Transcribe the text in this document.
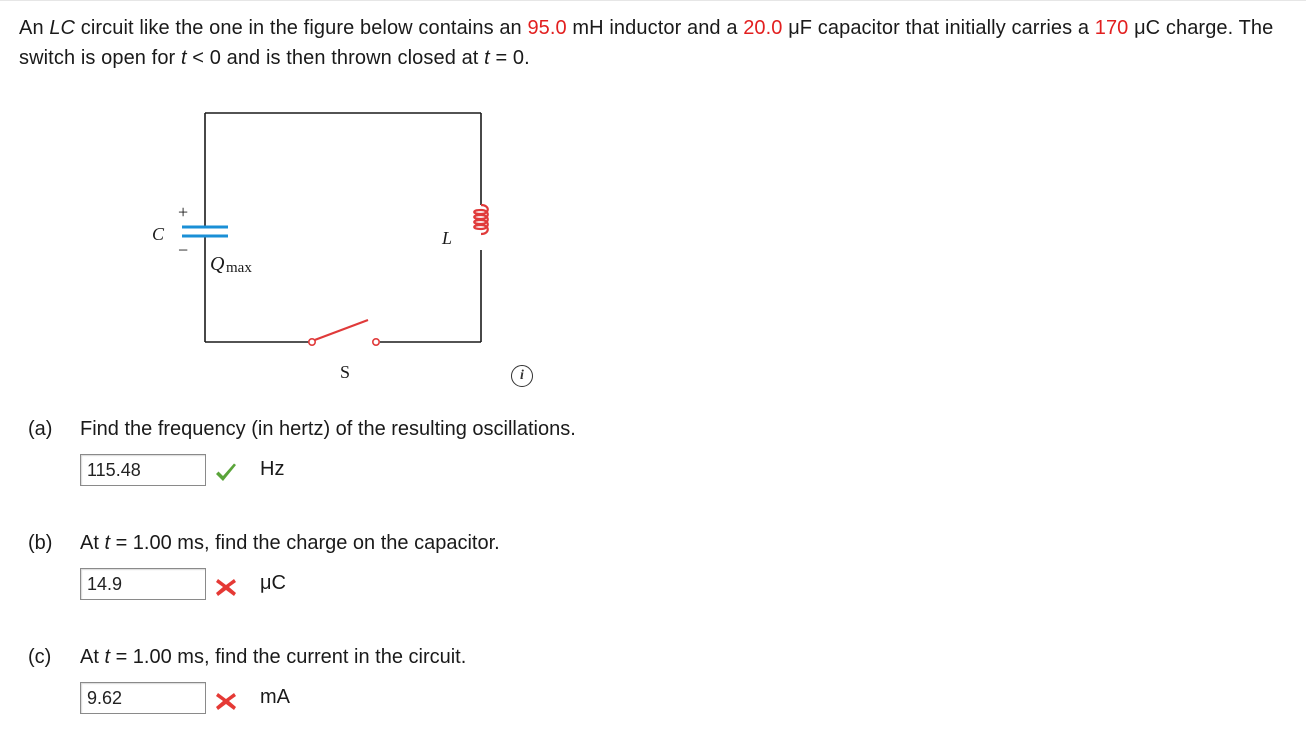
An LC circuit like the one in the figure below contains an 95.0 mH inductor and a 20.0 μF capacitor that initially carries a 170 μC charge. The switch is open for t < 0 and is then thrown closed at t = 0.
C
+
−
Q max
L
S	i
(a) Find the frequency (in hertz) of the resulting oscillations.
115.48
Hz
(b) At t = 1.00 ms, find the charge on the capacitor.
14.9
μC
(c) At t = 1.00 ms, find the current in the circuit.
9.62
mA
